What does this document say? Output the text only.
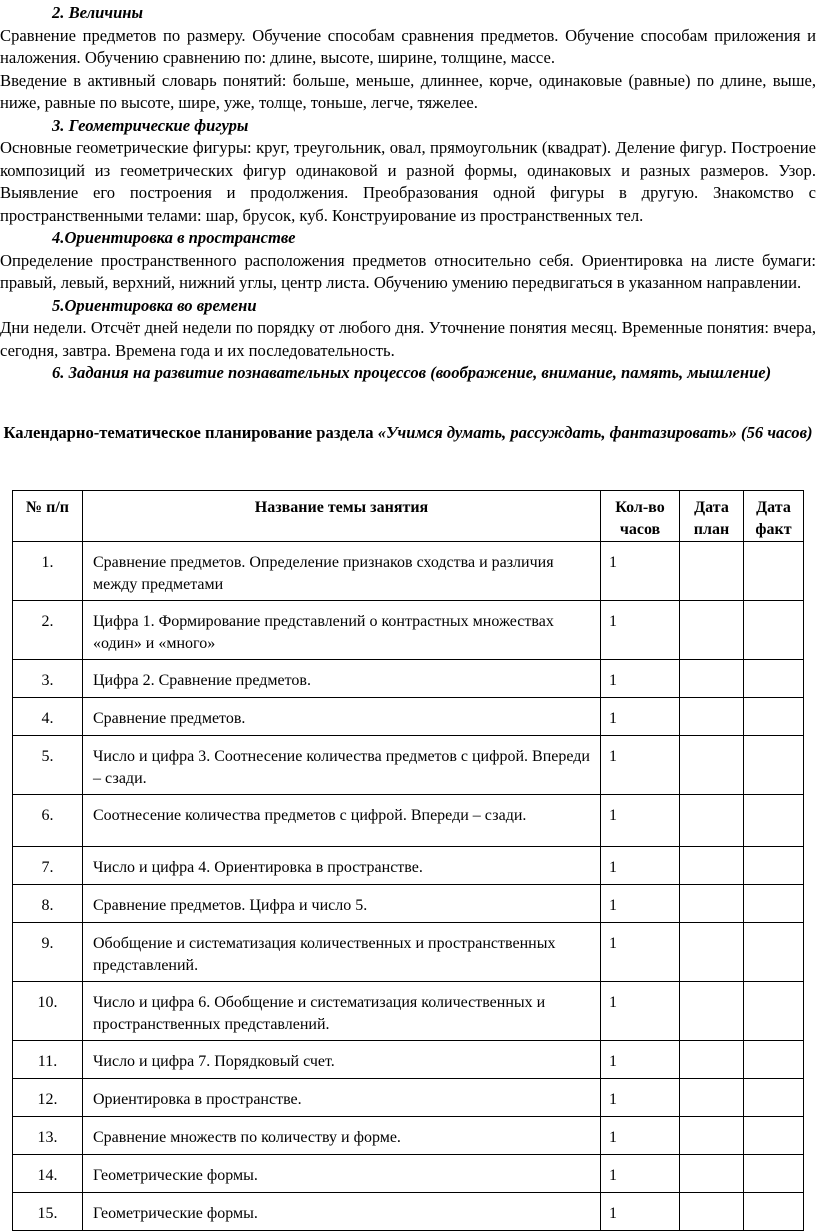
2. Величины

Сравнение предметов по размеру. Обучение способам сравнения предметов. Обучение способам приложения и наложения. Обучению сравнению по: длине, высоте, ширине, толщине, массе.

Введение в активный словарь понятий: больше, меньше, длиннее, корче, одинаковые (равные) по длине, выше, ниже, равные по высоте, шире, уже, толще, тоньше, легче, тяжелее.

3. Геометрические фигуры

Основные геометрические фигуры: круг, треугольник, овал, прямоугольник (квадрат). Деление фигур. Построение композиций из геометрических фигур одинаковой и разной формы, одинаковых и разных размеров. Узор. Выявление его построения и продолжения. Преобразования одной фигуры в другую. Знакомство с пространственными телами: шар, брусок, куб. Конструирование из пространственных тел.

4.Ориентировка в пространстве

Определение пространственного расположения предметов относительно себя. Ориентировка на листе бумаги: правый, левый, верхний, нижний углы, центр листа. Обучению умению передвигаться в указанном направлении.

5.Ориентировка во времени

Дни недели. Отсчёт дней недели по порядку от любого дня. Уточнение понятия месяц. Временные понятия: вчера, сегодня, завтра. Времена года и их последовательность.

6. Задания на развитие познавательных процессов (воображение, внимание, память, мышление)

Календарно-тематическое планирование раздела «Учимся думать, рассуждать, фантазировать» (56 часов)
№ п/п	Название темы занятия	Кол-во часов	Дата план	Дата факт
1.	Сравнение предметов. Определение признаков сходства и различия между предметами	1		
2.	Цифра 1. Формирование представлений о контрастных множествах «один» и «много»	1		
3.	Цифра 2. Сравнение предметов.	1		
4.	Сравнение предметов.	1		
5.	Число и цифра 3. Соотнесение количества предметов с цифрой. Впереди – сзади.	1		
6.	Соотнесение количества предметов с цифрой. Впереди – сзади.	1		
7.	Число и цифра 4. Ориентировка в пространстве.	1		
8.	Сравнение предметов. Цифра и число 5.	1		
9.	Обобщение и систематизация количественных и пространственных представлений.	1		
10.	Число и цифра 6. Обобщение и систематизация количественных и пространственных представлений.	1		
11.	Число и цифра 7. Порядковый счет.	1		
12.	Ориентировка в пространстве.	1		
13.	Сравнение множеств по количеству и форме.	1		
14.	Геометрические формы.	1		
15.	Геометрические формы.	1		
